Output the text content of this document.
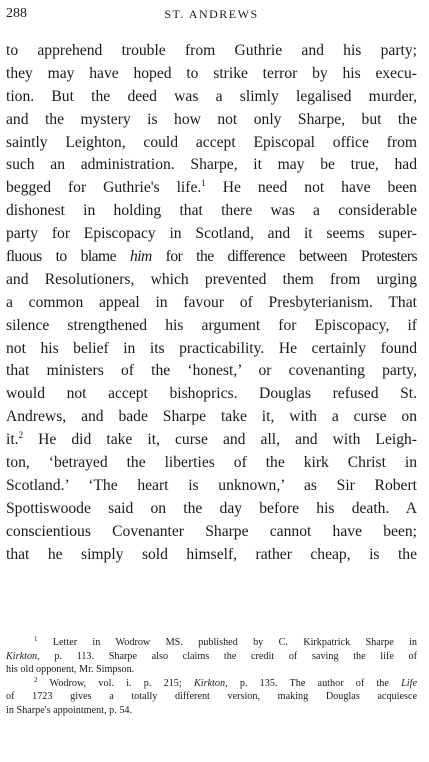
288	ST. ANDREWS
to apprehend trouble from Guthrie and his party;
they may have hoped to strike terror by his execu-
tion. But the deed was a slimly legalised murder,
and the mystery is how not only Sharpe, but the
saintly Leighton, could accept Episcopal office from
such an administration. Sharpe, it may be true, had
begged for Guthrie's life.$^1$ He need not have been
dishonest in holding that there was a considerable
party for Episcopacy in Scotland, and it seems super-
fluous to blame him for the difference between Protesters
and Resolutioners, which prevented them from urging
a common appeal in favour of Presbyterianism. That
silence strengthened his argument for Episcopacy, if
not his belief in its practicability. He certainly found
that ministers of the ‘honest,’ or covenanting party,
would not accept bishoprics. Douglas refused St.
Andrews, and bade Sharpe take it, with a curse on
it.$^2$ He did take it, curse and all, and with Leigh-
ton, ‘betrayed the liberties of the kirk Christ in
Scotland.’ ‘The heart is unknown,’ as Sir Robert
Spottiswoode said on the day before his death. A
conscientious Covenanter Sharpe cannot have been;
that he simply sold himself, rather cheap, is the
$^1$ Letter in Wodrow MS. published by C. Kirkpatrick Sharpe in
Kirkton, p. 113. Sharpe also claims the credit of saving the life of
his old opponent, Mr. Simpson.
$^2$ Wodrow, vol. i. p. 215; Kirkton, p. 135. The author of the Life
of 1723 gives a totally different version, making Douglas acquiesce
in Sharpe's appointment, p. 54.
